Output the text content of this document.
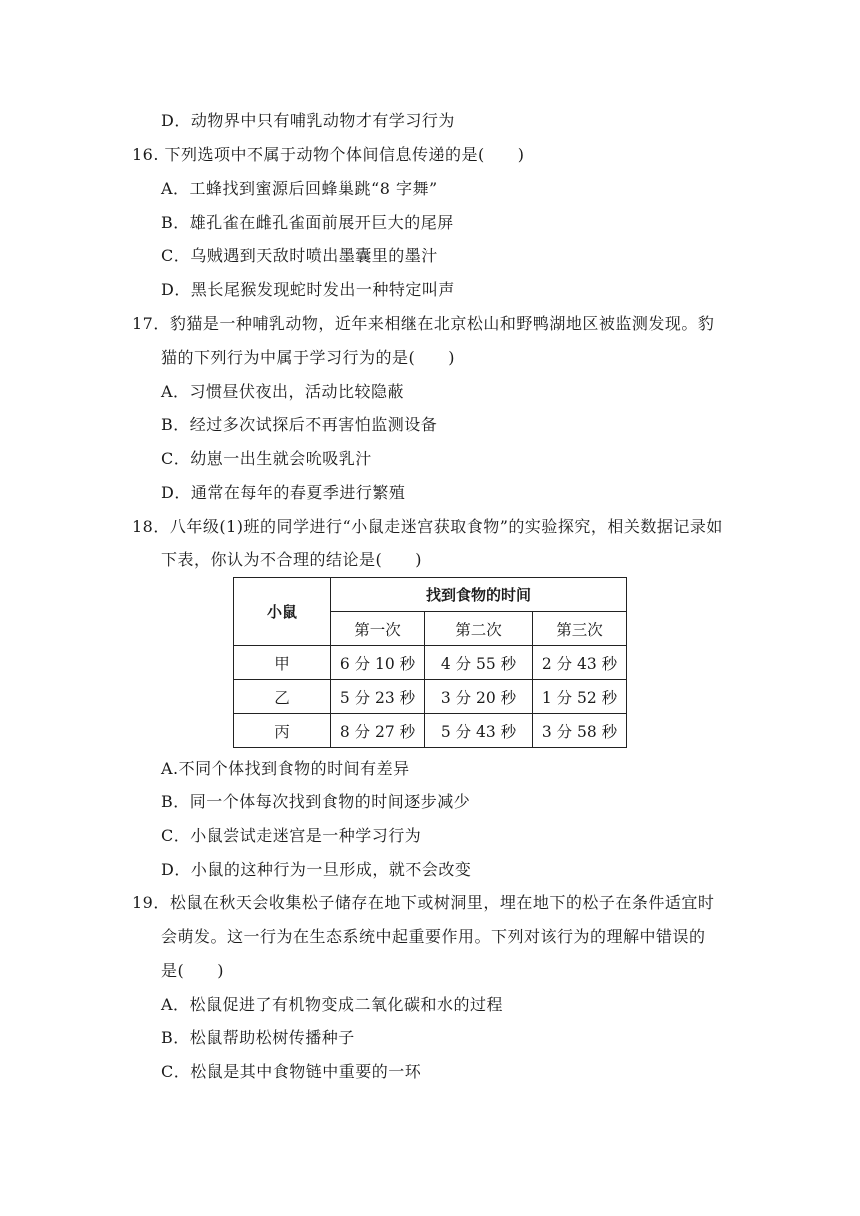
D．动物界中只有哺乳动物才有学习行为
16. 下列选项中不属于动物个体间信息传递的是(　　)
A．工蜂找到蜜源后回蜂巢跳“8 字舞”
B．雄孔雀在雌孔雀面前展开巨大的尾屏
C．乌贼遇到天敌时喷出墨囊里的墨汁
D．黑长尾猴发现蛇时发出一种特定叫声
17．豹猫是一种哺乳动物，近年来相继在北京松山和野鸭湖地区被监测发现。豹
猫的下列行为中属于学习行为的是(　　)
A．习惯昼伏夜出，活动比较隐蔽
B．经过多次试探后不再害怕监测设备
C．幼崽一出生就会吮吸乳汁
D．通常在每年的春夏季进行繁殖
18．八年级(1)班的同学进行“小鼠走迷宫获取食物”的实验探究，相关数据记录如
下表，你认为不合理的结论是(　　)
小鼠	找到食物的时间		
	第一次	第二次	第三次
甲	6 分 10 秒	4 分 55 秒	2 分 43 秒
乙	5 分 23 秒	3 分 20 秒	1 分 52 秒
丙	8 分 27 秒	5 分 43 秒	3 分 58 秒
A.不同个体找到食物的时间有差异
B．同一个体每次找到食物的时间逐步减少
C．小鼠尝试走迷宫是一种学习行为
D．小鼠的这种行为一旦形成，就不会改变
19．松鼠在秋天会收集松子储存在地下或树洞里，埋在地下的松子在条件适宜时
会萌发。这一行为在生态系统中起重要作用。下列对该行为的理解中错误的
是(　　)
A．松鼠促进了有机物变成二氧化碳和水的过程
B．松鼠帮助松树传播种子
C．松鼠是其中食物链中重要的一环
